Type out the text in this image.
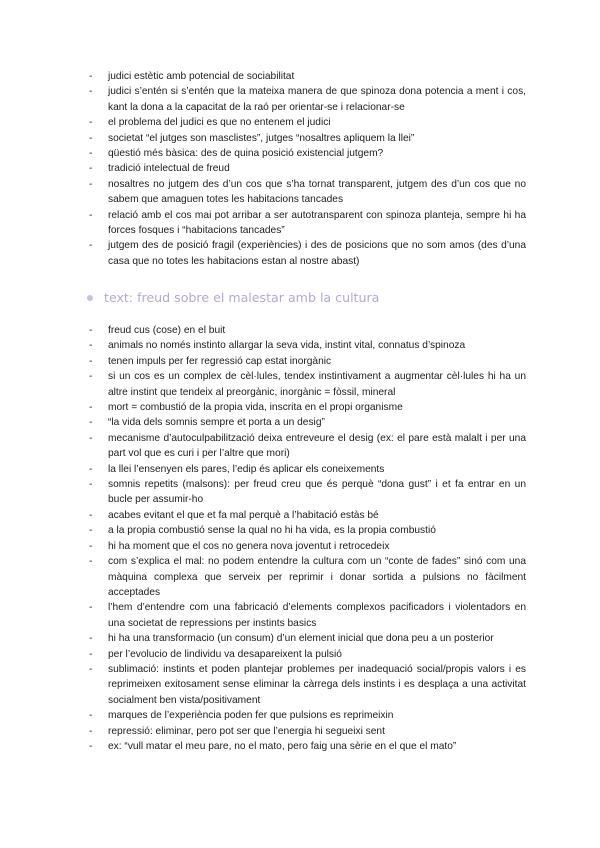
- judici estètic amb potencial de sociabilitat
- judici s’entén si s’entén que la mateixa manera de que spinoza dona potencia a ment i cos, kant la dona a la capacitat de la raó per orientar-se i relacionar-se
- el problema del judici es que no entenem el judici
- societat “el jutges son masclistes”, jutges “nosaltres apliquem la llei”
- qüestió més bàsica: des de quina posició existencial jutgem?
- tradició intelectual de freud
- nosaltres no jutgem des d’un cos que s’ha tornat transparent, jutgem des d’un cos que no sabem que amaguen totes les habitacions tancades
- relació amb el cos mai pot arribar a ser autotransparent con spinoza planteja, sempre hi ha forces fosques i “habitacions tancades”
- jutgem des de posició fragil (experiències) i des de posicions que no som amos (des d’una casa que no totes les habitacions estan al nostre abast)
text: freud sobre el malestar amb la cultura
- freud cus (cose) en el buit
- animals no només instinto allargar la seva vida, instint vital, connatus d’spinoza
- tenen impuls per fer regressió cap estat inorgànic
- si un cos es un complex de cèl·lules, tendex instintivament a augmentar cèl·lules hi ha un altre instint que tendeix al preorgànic, inorgànic = fòssil, mineral
- mort = combustió de la propia vida, inscrita en el propi organisme
- “la vida dels somnis sempre et porta a un desig”
- mecanisme d’autoculpabilització deixa entreveure el desig (ex: el pare està malalt i per una part vol que es curi i per l’altre que mori)
- la llei l’ensenyen els pares, l’edip és aplicar els coneixements
- somnis repetits (malsons): per freud creu que és perquè “dona gust” i et fa entrar en un bucle per assumir-ho
- acabes evitant el que et fa mal perquè a l’habitació estàs bé
- a la propia combustió sense la qual no hi ha vida, es la propia combustió
- hi ha moment que el cos no genera nova joventut i retrocedeix
- com s’explica el mal: no podem entendre la cultura com un “conte de fades” sinó com una màquina complexa que serveix per reprimir i donar sortida a pulsions no fàcilment acceptades
- l’hem d’entendre com una fabricació d’elements complexos pacificadors i violentadors en una societat de repressions per instints basics
- hi ha una transformacio (un consum) d’un element inicial que dona peu a un posterior
- per l’evolucio de lindividu va desapareixent la pulsió
- sublimació: instints et poden plantejar problemes per inadequació social/propis valors i es reprimeixen exitosament sense eliminar la càrrega dels instints i es desplaça a una activitat socialment ben vista/positivament
- marques de l’experiència poden fer que pulsions es reprimeixin
- repressió: eliminar, pero pot ser que l’energia hi segueixi sent
- ex: “vull matar el meu pare, no el mato, pero faig una sèrie en el que el mato”
